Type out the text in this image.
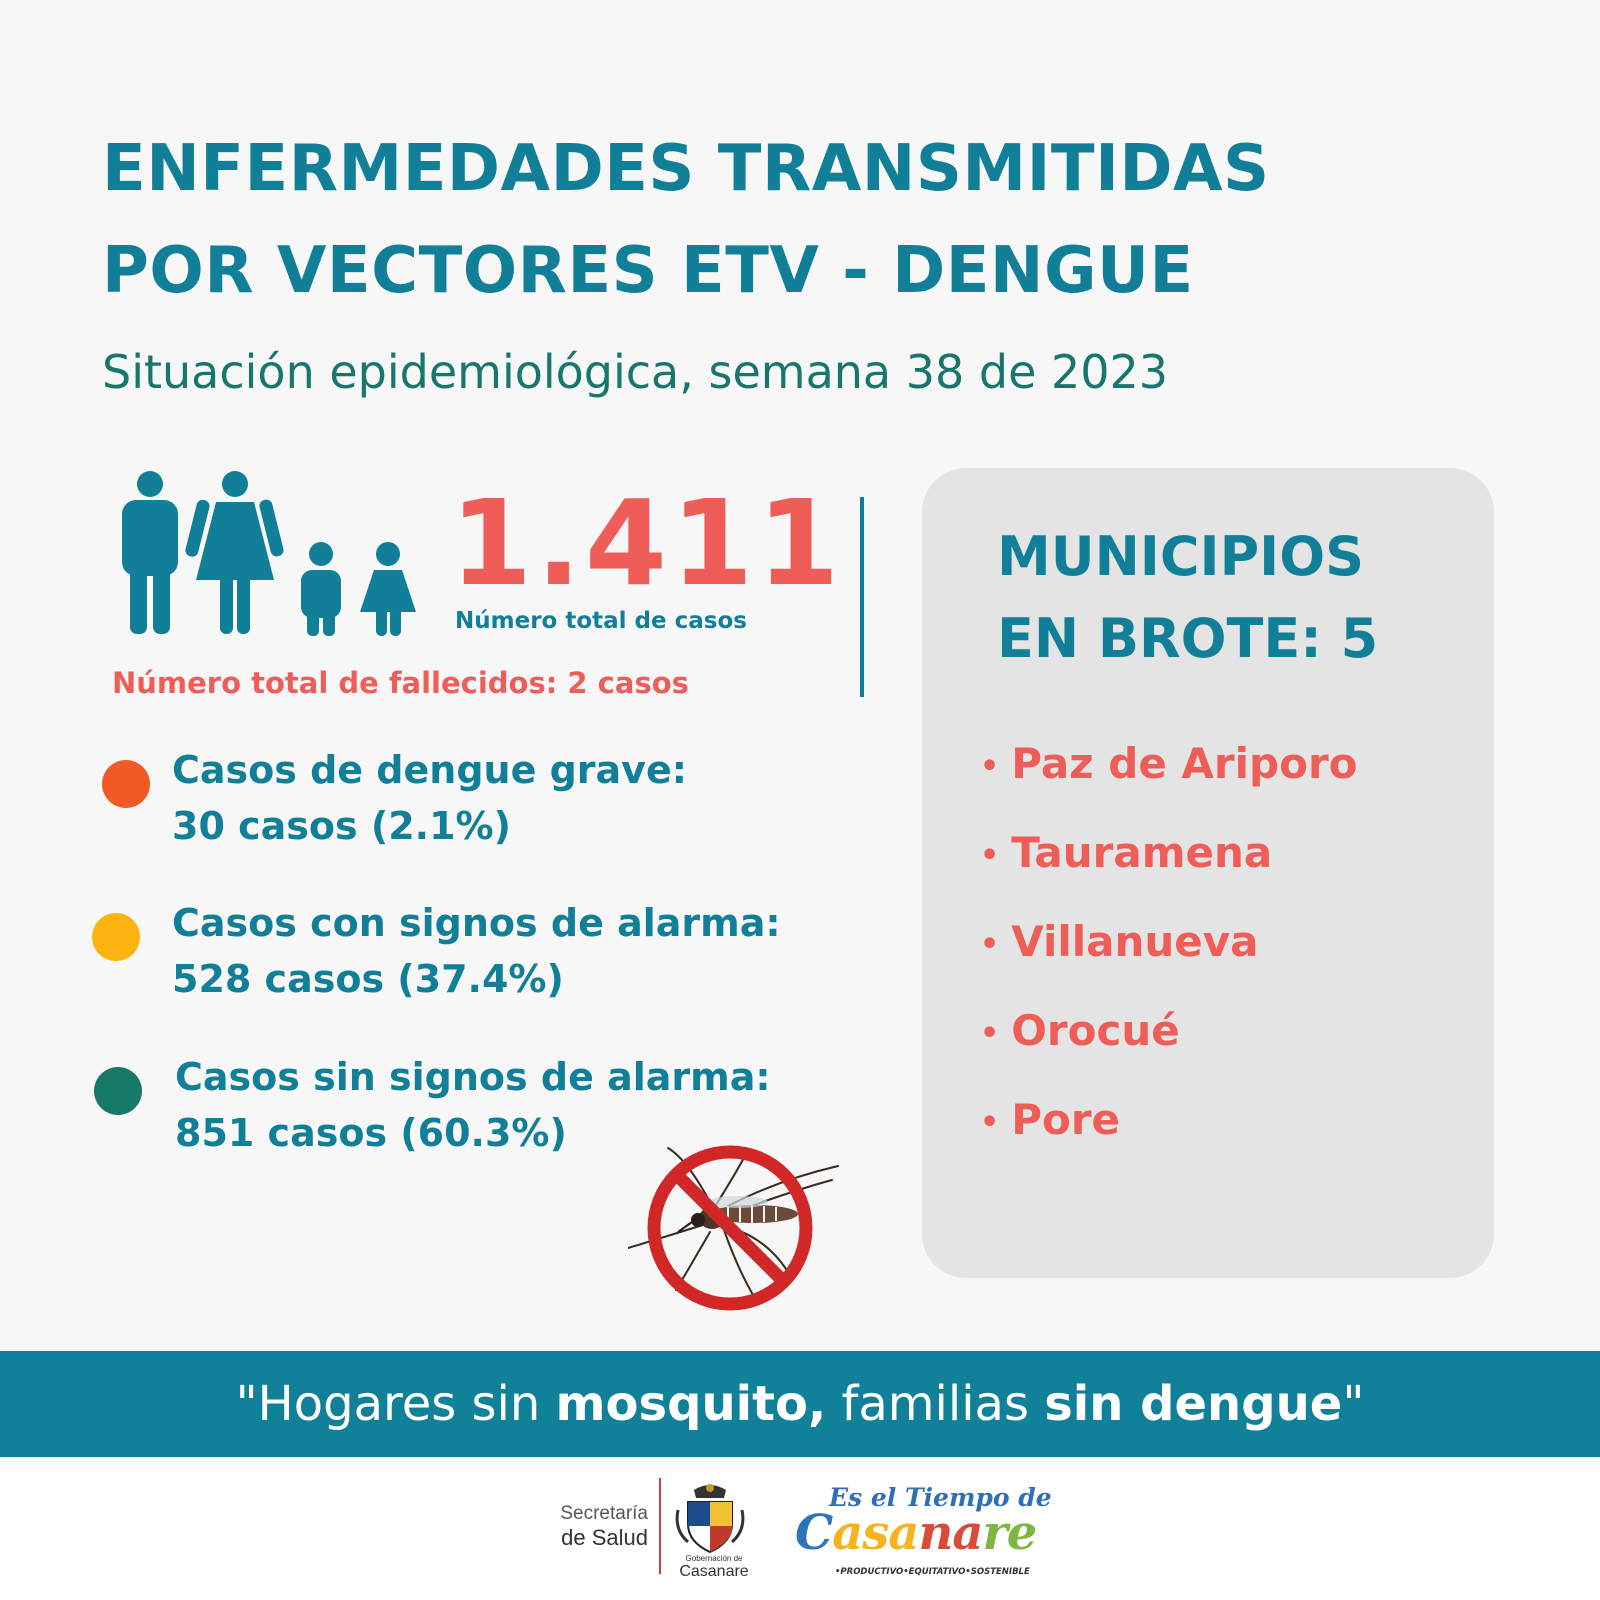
ENFERMEDADES TRANSMITIDAS
POR VECTORES ETV - DENGUE
Situación epidemiológica, semana 38 de 2023
1.411
Número total de casos
Número total de fallecidos: 2 casos
Casos de dengue grave:
30 casos (2.1%)
Casos con signos de alarma:
528 casos (37.4%)
Casos sin signos de alarma:
851 casos (60.3%)
MUNICIPIOS
EN BROTE: 5
• Paz de Ariporo
• Tauramena
• Villanueva
• Orocué
• Pore
"Hogares sin mosquito, familias sin dengue"
Secretaría
de Salud
Gobernación de
Casanare
Es el Tiempo de
Casanare
•PRODUCTIVO•EQUITATIVO•SOSTENIBLE
